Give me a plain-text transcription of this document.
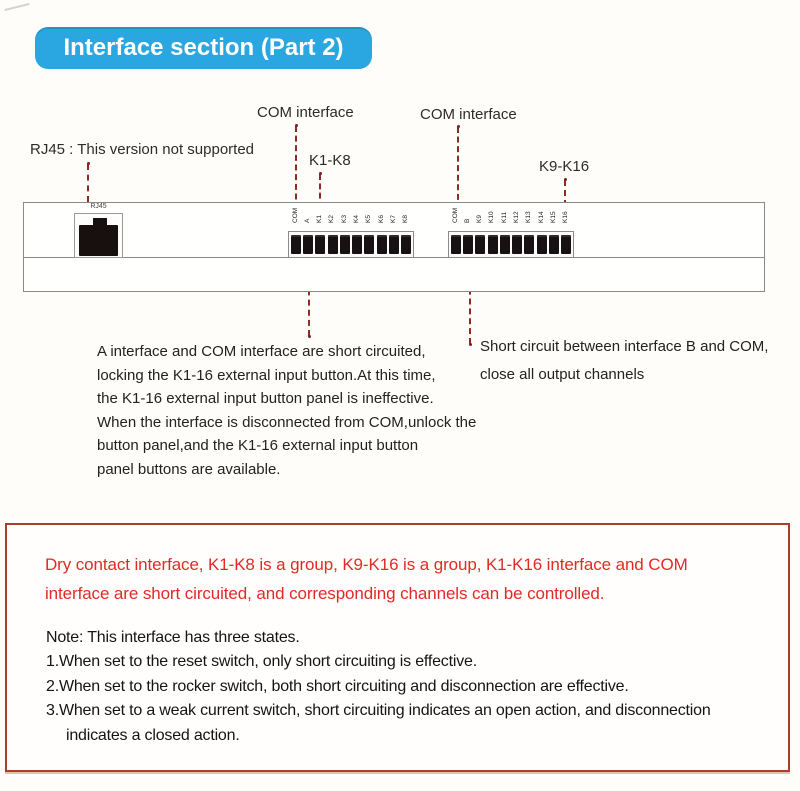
Interface section (Part 2)
COM interface
RJ45 : This version not supported
K1-K8
COM interface
K9-K16
RJ45
COM
↓ A
↓ K1
↓ K2
↓ K3
↓ K4
↓ K5
↓ K6
↓ K7
↓ K8
↓	COM
↓ B
↓ K9
↓ K10
↓ K11
↓ K12
↓ K13
↓ K14
↓ K15
↓ K16
↓
A interface and COM interface are short circuited,
locking the K1-16 external input button.At this time,
the K1-16 external input button panel is ineffective.
When the interface is disconnected from COM,unlock the
button panel,and the K1-16 external input button
panel buttons are available.
Short circuit between interface B and COM,
close all output channels
Dry contact interface, K1-K8 is a group, K9-K16 is a group, K1-K16 interface and COM
interface are short circuited, and corresponding channels can be controlled.
Note: This interface has three states.
1.When set to the reset switch, only short circuiting is effective.
2.When set to the rocker switch, both short circuiting and disconnection are effective.
3.When set to a weak current switch, short circuiting indicates an open action, and disconnection
indicates a closed action.
